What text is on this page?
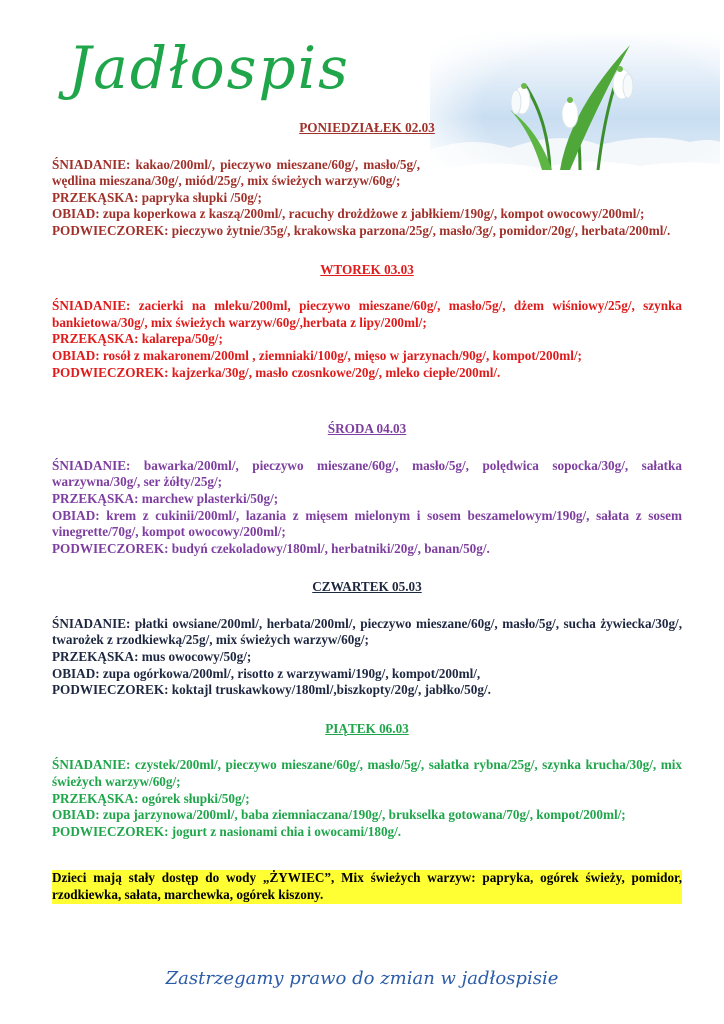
Jadłospis

PONIEDZIAŁEK 02.03

ŚNIADANIE: kakao/200ml/, pieczywo mieszane/60g/, masło/5g/, wędlina mieszana/30g/, miód/25g/, mix świeżych warzyw/60g/;

PRZEKĄSKA: papryka słupki /50g/;

OBIAD: zupa koperkowa z kaszą/200ml/, racuchy drożdżowe z jabłkiem/190g/, kompot owocowy/200ml/;

PODWIECZOREK: pieczywo żytnie/35g/, krakowska parzona/25g/, masło/3g/, pomidor/20g/, herbata/200ml/.

WTOREK 03.03

ŚNIADANIE: zacierki na mleku/200ml, pieczywo mieszane/60g/, masło/5g/, dżem wiśniowy/25g/, szynka bankietowa/30g/, mix świeżych warzyw/60g/,herbata z lipy/200ml/;

PRZEKĄSKA: kalarepa/50g/;

OBIAD: rosół z makaronem/200ml , ziemniaki/100g/, mięso w jarzynach/90g/, kompot/200ml/;

PODWIECZOREK: kajzerka/30g/, masło czosnkowe/20g/, mleko ciepłe/200ml/.

ŚRODA 04.03

ŚNIADANIE: bawarka/200ml/, pieczywo mieszane/60g/, masło/5g/, polędwica sopocka/30g/, sałatka warzywna/30g/, ser żółty/25g/;

PRZEKĄSKA: marchew plasterki/50g/;

OBIAD: krem z cukinii/200ml/, lazania z mięsem mielonym i sosem beszamelowym/190g/, sałata z sosem vinegrette/70g/, kompot owocowy/200ml/;

PODWIECZOREK: budyń czekoladowy/180ml/, herbatniki/20g/, banan/50g/.

CZWARTEK 05.03

ŚNIADANIE: płatki owsiane/200ml/, herbata/200ml/, pieczywo mieszane/60g/, masło/5g/, sucha żywiecka/30g/, twarożek z rzodkiewką/25g/, mix świeżych warzyw/60g/;

PRZEKĄSKA: mus owocowy/50g/;

OBIAD: zupa ogórkowa/200ml/, risotto z warzywami/190g/, kompot/200ml/,

PODWIECZOREK: koktajl truskawkowy/180ml/,biszkopty/20g/, jabłko/50g/.

PIĄTEK 06.03

ŚNIADANIE: czystek/200ml/, pieczywo mieszane/60g/, masło/5g/, sałatka rybna/25g/, szynka krucha/30g/, mix świeżych warzyw/60g/;

PRZEKĄSKA: ogórek słupki/50g/;

OBIAD: zupa jarzynowa/200ml/, baba ziemniaczana/190g/, brukselka gotowana/70g/, kompot/200ml/;

PODWIECZOREK: jogurt z nasionami chia i owocami/180g/.

Dzieci mają stały dostęp do wody „ŻYWIEC”, Mix świeżych warzyw: papryka, ogórek świeży, pomidor, rzodkiewka, sałata, marchewka, ogórek kiszony.

Zastrzegamy prawo do zmian w jadłospisie
